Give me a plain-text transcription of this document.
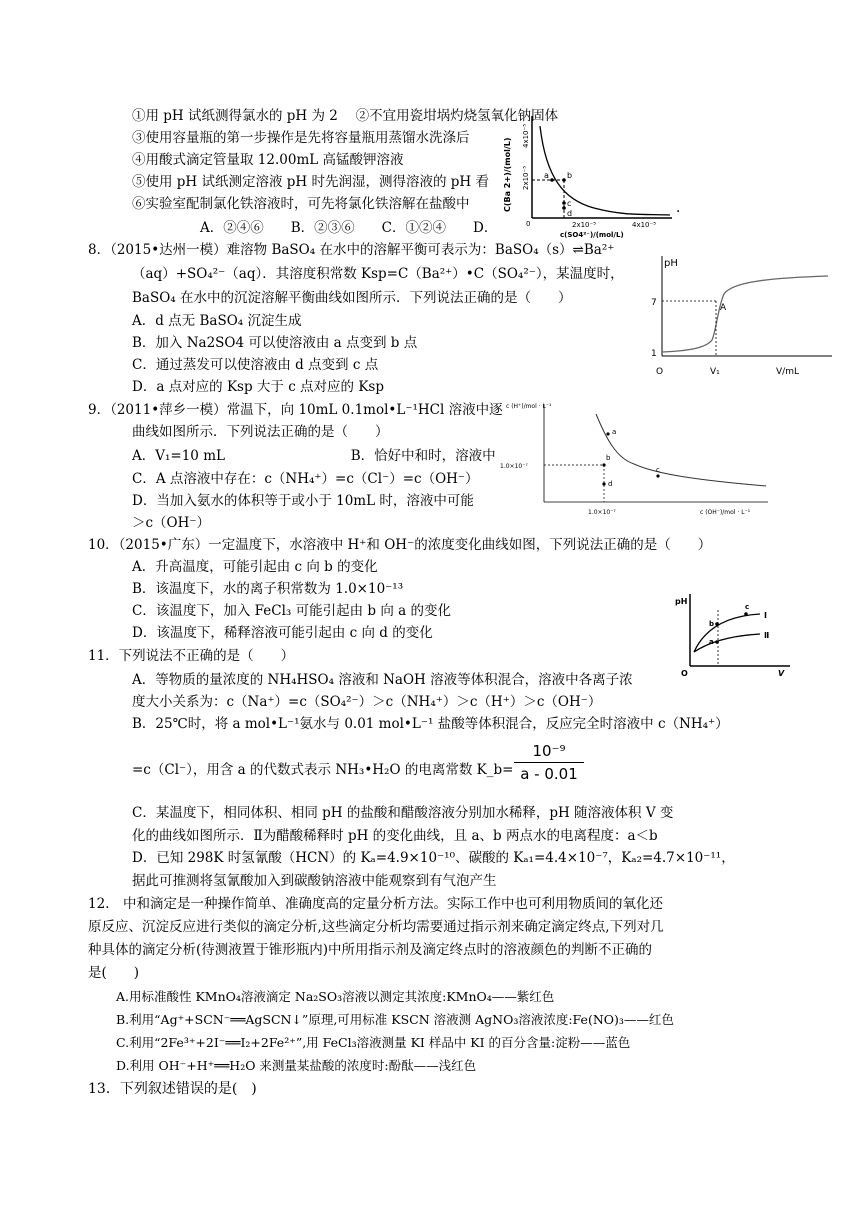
①用 pH 试纸测得氯水的 pH 为 2　 ②不宜用瓷坩埚灼烧氢氧化钠固体
③使用容量瓶的第一步操作是先将容量瓶用蒸馏水洗涤后
④用酸式滴定管量取 12.00mL 高锰酸钾溶液
⑤使用 pH 试纸测定溶液 pH 时先润湿，测得溶液的 pH 看
⑥实验室配制氯化铁溶液时，可先将氯化铁溶解在盐酸中
A．②④⑥　　B．②③⑥　　C．①②④　　D．
.
a b
c
d
C(Ba 2+)/(mol/L) 2x10⁻⁵
4x10⁻⁵
0	2x10⁻⁵	4x10⁻⁵
c(SO4²⁻)/(mol/L)
8．（2015•达州一模）难溶物 BaSO₄ 在水中的溶解平衡可表示为：BaSO₄（s）⇌Ba²⁺
（aq）+SO₄²⁻（aq）．其溶度积常数 Ksp=C（Ba²⁺）•C（SO₄²⁻），某温度时，
BaSO₄ 在水中的沉淀溶解平衡曲线如图所示．下列说法正确的是（　　）
A．d 点无 BaSO₄ 沉淀生成
B．加入 Na2SO4 可以使溶液由 a 点变到 b 点
C．通过蒸发可以使溶液由 d 点变到 c 点
D．a 点对应的 Ksp 大于 c 点对应的 Ksp
pH
7
1
O	V₁	V/mL
A
9．（2011•萍乡一模）常温下，向 10mL 0.1mol•L⁻¹HCl 溶液中逐
曲线如图所示．下列说法正确的是（　　）
A．V₁=10 mL　　　　　　　　　 B．恰好中和时，溶液中
C．A 点溶液中存在：c（NH₄⁺）=c（Cl⁻）=c（OH⁻）
D．当加入氨水的体积等于或小于 10mL 时，溶液中可能
＞c（OH⁻）
c (H⁺)/mol · L⁻¹
1.0×10⁻⁷
1.0×10⁻⁷	c (OH⁻)/mol · L⁻¹
a
b
c
d
10．（2015•广东）一定温度下，水溶液中 H⁺和 OH⁻的浓度变化曲线如图，下列说法正确的是（　　）
A．升高温度，可能引起由 c 向 b 的变化
B．该温度下，水的离子积常数为 1.0×10⁻¹³
C．该温度下，加入 FeCl₃ 可能引起由 b 向 a 的变化
D．该温度下，稀释溶液可能引起由 c 向 d 的变化
pH
O	V
Ⅰ
Ⅱ
b
a
c
11．下列说法不正确的是（　　）
A．等物质的量浓度的 NH₄HSO₄ 溶液和 NaOH 溶液等体积混合，溶液中各离子浓
度大小关系为：c（Na⁺）=c（SO₄²⁻）＞c（NH₄⁺）＞c（H⁺）＞c（OH⁻）
B．25℃时，将 a mol•L⁻¹氨水与 0.01 mol•L⁻¹ 盐酸等体积混合，反应完全时溶液中 c（NH₄⁺）
=c（Cl⁻），用含 a 的代数式表示 NH₃•H₂O 的电离常数 K_b=
10⁻⁹
a - 0.01
C．某温度下，相同体积、相同 pH 的盐酸和醋酸溶液分别加水稀释，pH 随溶液体积 V 变
化的曲线如图所示．Ⅱ为醋酸稀释时 pH 的变化曲线，且 a、b 两点水的电离程度：a＜b
D．已知 298K 时氢氰酸（HCN）的 Kₐ=4.9×10⁻¹⁰、碳酸的 Kₐ₁=4.4×10⁻⁷，Kₐ₂=4.7×10⁻¹¹，
据此可推测将氢氰酸加入到碳酸钠溶液中能观察到有气泡产生
12.　中和滴定是一种操作简单、准确度高的定量分析方法。实际工作中也可利用物质间的氧化还
原反应、沉淀反应进行类似的滴定分析,这些滴定分析均需要通过指示剂来确定滴定终点,下列对几
种具体的滴定分析(待测液置于锥形瓶内)中所用指示剂及滴定终点时的溶液颜色的判断不正确的
是(　　)
A.用标准酸性 KMnO₄溶液滴定 Na₂SO₃溶液以测定其浓度:KMnO₄——紫红色
B.利用“Ag⁺+SCN⁻══AgSCN↓”原理,可用标准 KSCN 溶液测 AgNO₃溶液浓度:Fe(NO)₃——红色
C.利用“2Fe³⁺+2I⁻══I₂+2Fe²⁺”,用 FeCl₃溶液测量 KI 样品中 KI 的百分含量:淀粉——蓝色
D.利用 OH⁻+H⁺══H₂O 来测量某盐酸的浓度时:酚酞——浅红色
13．下列叙述错误的是(　)
